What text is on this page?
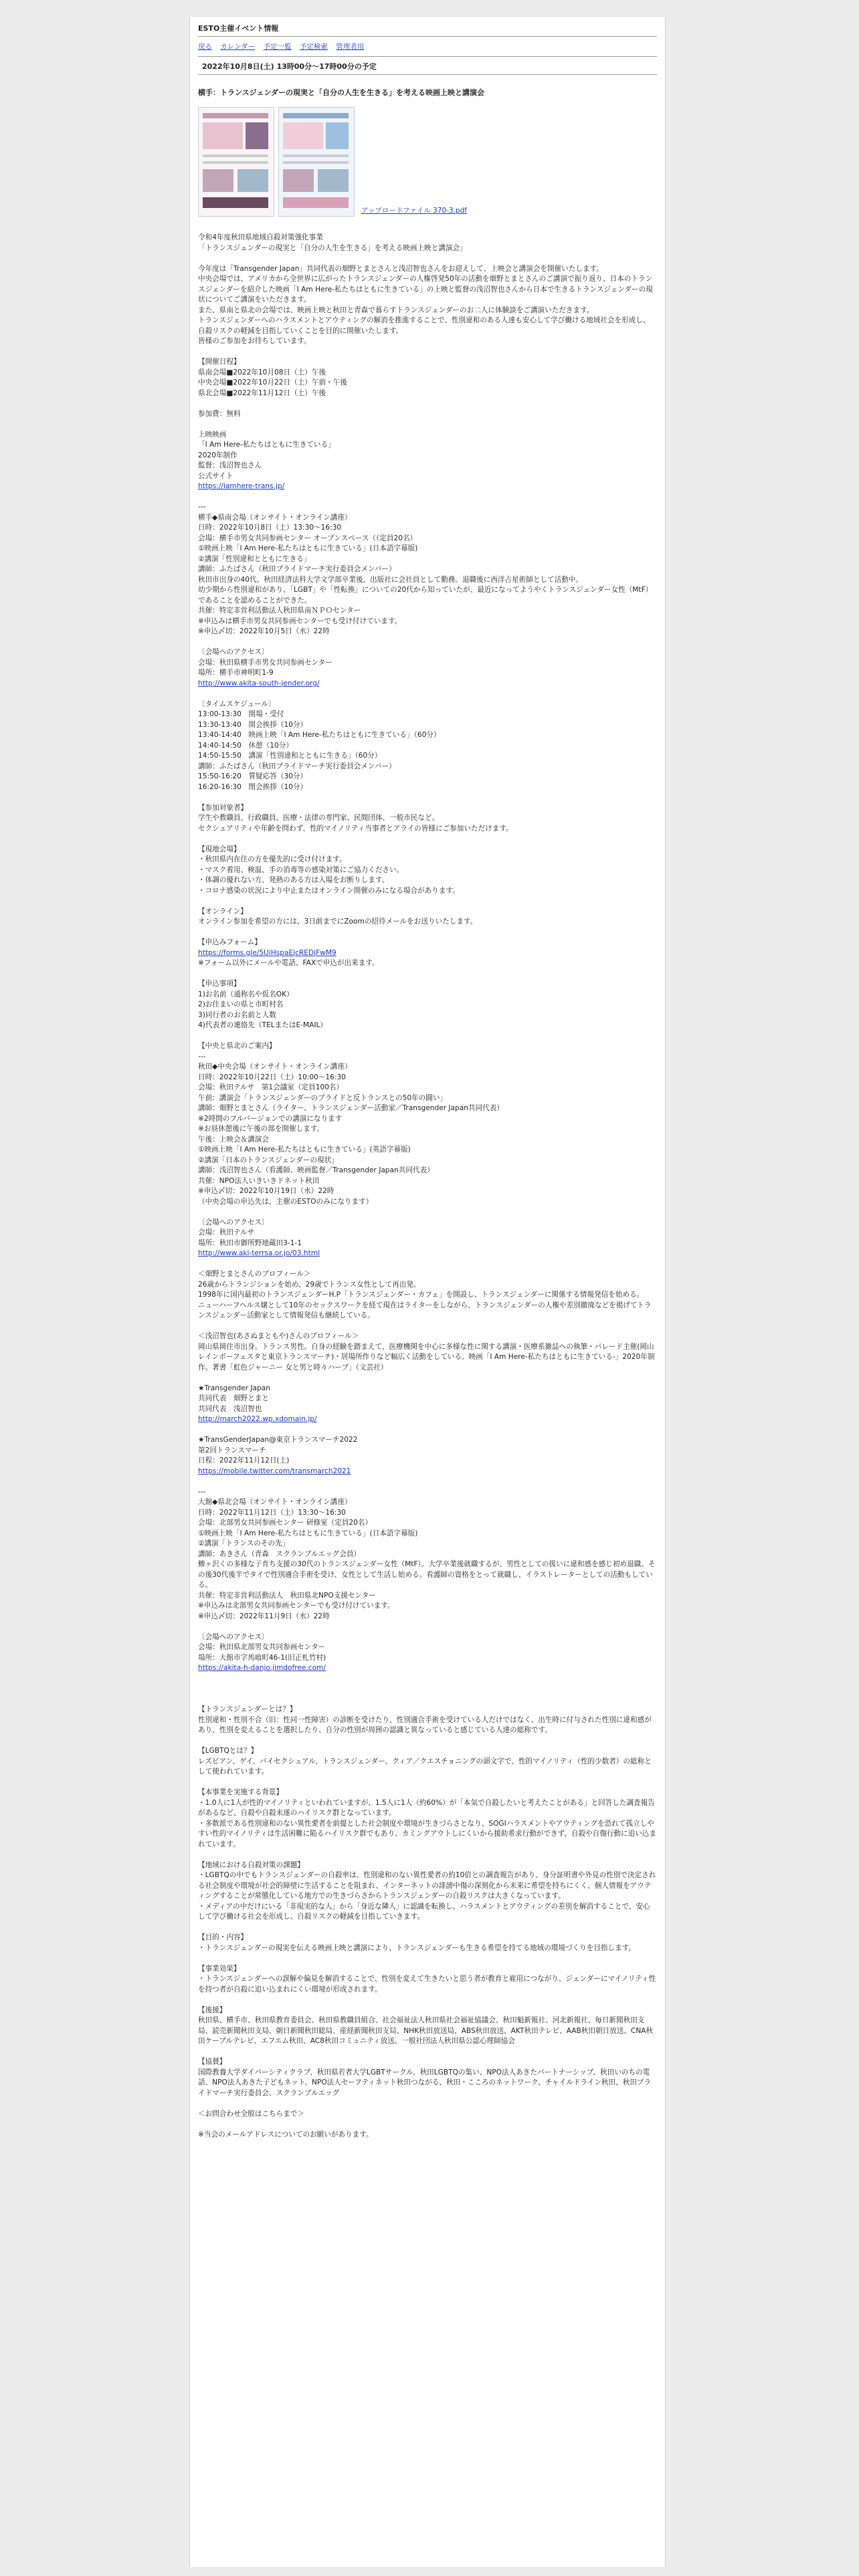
ESTO主催イベント情報
戻る カレンダー 予定一覧 予定検索 管理者用
2022年10月8日(土) 13時00分～17時00分の予定
横手：トランスジェンダーの現実と「自分の人生を生きる」を考える映画上映と講演会
アップロードファイル 370-3.pdf
令和4年度秋田県地域自殺対策強化事業
「トランスジェンダーの現実と「自分の人生を生きる」を考える映画上映と講演会」
今年度は「Transgender Japan」共同代表の畑野とまとさんと浅沼智也さんをお迎えして、上映会と講演会を開催いたします。
中央会場では、アメリカから全世界に広がったトランスジェンダーの人権啓発50年の活動を畑野とまとさんのご講演で振り返り、日本のトランスジェンダーを紹介した映画「I Am Here-私たちはともに生きている」の上映と監督の浅沼智也さんから日本で生きるトランスジェンダーの現状についてご講演をいただきます。
また、県南と県北の会場では、映画上映と秋田と青森で暮らすトランスジェンダーのお二人に体験談をご講演いただきます。
トランスジェンダーへのハラスメントとアウティングの解消を推進することで、性別違和のある人達も安心して学び働ける地域社会を形成し、自殺リスクの軽減を目指していくことを目的に開催いたします。
皆様のご参加をお待ちしています。
【開催日程】
県南会場■2022年10月08日（土）午後
中央会場■2022年10月22日（土）午前・午後
県北会場■2022年11月12日（土）午後
参加費：無料
上映映画
「I Am Here-私たちはともに生きている」
2020年制作
監督：浅沼智也さん
公式サイト
https://iamhere-trans.jp/
---
横手◆県南会場（オンサイト・オンライン講座）
日時：2022年10月8日（土）13:30～16:30
会場：横手市男女共同参画センター オープンスペース（（定員20名）
①映画上映「I Am Here-私たちはともに生きている」(日本語字幕版)
②講演「性別違和とともに生きる」
講師：ふたばさん（秋田プライドマーチ実行委員会メンバー）
秋田市出身の40代。秋田経済法科大学文学部卒業後、出版社に会社員として勤務。退職後に西洋占星術師として活動中。
幼少期から性別違和があり、「LGBT」や「性転換」についての20代から知っていたが、最近になってようやくトランスジェンダー女性（MtF）であることを認めることができた。
共催：特定非営利活動法人秋田県南ＮＰＯセンター
※申込みは横手市男女共同参画センターでも受け付けています。
※申込〆切：2022年10月5日（水）22時
〔会場へのアクセス〕
会場：秋田県横手市男女共同参画センター
場所：横手市神明町1-9
http://www.akita-south-jender.org/
〔タイムスケジュール〕
13:00-13:30　開場・受付
13:30-13:40　開会挨拶（10分）
13:40-14:40　映画上映「I Am Here-私たちはともに生きている」（60分）
14:40-14:50　休憩（10分）
14:50-15:50　講演「性別違和とともに生きる」（60分）
講師：ふたばさん（秋田プライドマーチ実行委員会メンバー）
15:50-16:20　質疑応答（30分）
16:20-16:30　閉会挨拶（10分）
【参加対象者】
学生や教職員、行政職員、医療・法律の専門家、民間団体、一般市民など。
セクシュアリティや年齢を問わず、性的マイノリティ当事者とアライの皆様にご参加いただけます。
【現地会場】
・秋田県内在住の方を優先的に受け付けます。
・マスク着用、検温、手の消毒等の感染対策にご協力ください。
・体調の優れない方、発熱のある方は入場をお断りします。
・コロナ感染の状況により中止またはオンライン開催のみになる場合があります。
【オンライン】
オンライン参加を希望の方には、3日前までにZoomの招待メールをお送りいたします。
【申込みフォーム】
https://forms.gle/5UiHspaEjcREDjFwM9
※フォーム以外にメールや電話、FAXで申込が出来ます。
【申込事項】
1)お名前（通称名や仮名OK）
2)お住まいの県と市町村名
3)同行者のお名前と人数
4)代表者の連絡先（TELまたはE-MAIL）
【中央と県北のご案内】
---
秋田◆中央会場（オンサイト・オンライン講座）
日時：2022年10月22日（土）10:00～16:30
会場：秋田テルサ　第1会議室（定員100名）
午前：講演会「トランスジェンダーのプライドと反トランスとの50年の闘い」
講師：畑野とまとさん（ライター、トランスジェンダー活動家／Transgender Japan共同代表）
※2時間のフルバージョンでの講演になります
※お昼休憩後に午後の部を開催します。
午後：上映会＆講演会
①映画上映「I Am Here-私たちはともに生きている」(英語字幕版)
②講演「日本のトランスジェンダーの現状」
講師：浅沼智也さん（看護師、映画監督／Transgender Japan共同代表）
共催：NPO法人いきいきドネット秋田
※申込〆切：2022年10月19日（水）22時
（中央会場の申込先は、主催のESTOのみになります）
〔会場へのアクセス〕
会場：秋田テルサ
場所：秋田市御所野地蔵田3-1-1
http://www.aki-terrsa.or.jo/03.html
＜畑野とまとさんのプロフィール＞
26歳からトランジションを始め、29歳でトランス女性として再出発。
1998年に国内最初のトランスジェンダーH.P「トランスジェンダー・カフェ」を開設し、トランスジェンダーに関係する情報発信を始める。
ニューハーフヘルス嬢として10年のセックスワークを経て現在はライターをしながら、トランスジェンダーの人権や差別撤廃などを掲げてトランスジェンダー活動家として情報発信も継続している。
＜浅沼智也(あさぬまともや)さんのプロフィール＞
岡山県岡住市出身。トランス男性。自身の経験を踏まえて、医療機関を中心に多様な性に関する講演・医療系雑誌への執筆・パレード主催(岡山レインボーフェスタと東京トランスマーチ)・居場所作りなど幅広く活動をしている。映画「I Am Here-私たちはともに生きている-」2020年制作。著書「虹色ジャーニー 女と男と時々ハーブ」（文芸社）
★Transgender Japan
共同代表　畑野とまと
共同代表　浅沼智也
http://march2022.wp.xdomain.jp/
★TransGenderJapan@東京トランスマーチ2022
第2回トランスマーチ
日程：2022年11月12日(土)
https://mobile.twitter.com/transmarch2021
---
大館◆県北会場（オンサイト・オンライン講座）
日時：2022年11月12日（土）13:30～16:30
会場：北部男女共同参画センター 研修室（定員20名）
①映画上映「I Am Here-私たちはともに生きている」(日本語字幕版)
②講演「トランスのその先」
講師：あきさん（青森　スクランブルエッグ会員）
鯵ヶ沢くの多様な子育ち支援の30代のトランスジェンダー女性（MtF）。大学卒業後就職するが、男性としての扱いに違和感を感じ初め退職。その後30代後半でタイで性別適合手術を受け、女性として生活し始める。看護師の資格をとって就職し、イラストレーターとしての活動もしている。
共催：特定非営利活動法人　秋田県北NPO支援センター
※申込みは北部男女共同参画センターでも受け付けています。
※申込〆切：2022年11月9日（水）22時
〔会場へのアクセス〕
会場：秋田県北部男女共同参画センター
場所：大館市字馬喰町46-1(旧正札竹村)
https://akita-h-danjo.jimdofree.com/
【トランスジェンダーとは？】
性別違和・性別不合（旧：性同一性障害）の診断を受けたり、性別適合手術を受けている人だけではなく、出生時に付与された性別に違和感があり、性別を変えることを選択したり、自分の性別が周囲の認識と異なっていると感じている人達の総称です。
【LGBTQとは？】
レズビアン、ゲイ、バイセクシュアル、トランスジェンダー、クィア／クエスチョニングの頭文字で、性的マイノリティ（性的少数者）の総称として使われています。
【本事業を実施する背景】
・1.0人に1人が性的マイノリティといわれていますが、1.5人に1人（約60%）が「本気で自殺したいと考えたことがある」と回答した調査報告があるなど、自殺や自殺未遂のハイリスク群となっています。
・多数派である性別違和のない異性愛者を前提とした社会制度や環境が生きづらさとなり、SOGIハラスメントやアウティングを恐れて孤立しやすい性的マイノリティは生活困難に陥るハイリスク群でもあり、カミングアウトしにくいから援助希求行動ができず、自殺や自傷行動に追い込まれています。
【地域における自殺対策の課題】
・LGBTQの中でもトランスジェンダーの自殺率は、性別違和のない異性愛者の約10倍との調査報告があり、身分証明書や外見の性別で決定される社会制度や環境が社会的障壁に生活することを阻まれ、インターネットの誹謗中傷の深刻化から未来に希望を持ちにくく、個人情報をアウティングすることが常態化している地方での生きづらさからトランスジェンダーの自殺リスクは大きくなっています。
・メディアの中だけにいる「非現実的な人」から「身近な隣人」に認識を転換し、ハラスメントとアウティングの差別を解消することで、安心して学び働ける社会を形成し、自殺リスクの軽減を目指していきます。
【目的・内容】
・トランスジェンダーの現実を伝える映画上映と講演により、トランスジェンダーも生きる希望を持てる地域の環境づくりを目指します。
【事業効果】
・トランスジェンダーへの誤解や偏見を解消することで、性別を変えて生きたいと思う者が教育と雇用につながり、ジェンダーにマイノリティ性を持つ者が自殺に追い込まれにくい環境が形成されます。
【後援】
秋田県、横手市、秋田県教育委員会、秋田県教職員組合、社会福祉法人秋田県社会福祉協議会、秋田魁新報社、河北新報社、毎日新聞秋田支局、読売新聞秋田支局、朝日新聞秋田総局、産経新聞秋田支局、NHK秋田放送局、ABS秋田放送、AKT秋田テレビ、AAB秋田朝日放送、CNA秋田ケーブルテレビ、エフエム秋田、AC8秋田コミュニティ放送、一般社団法人秋田県公認心理師協会
【協賛】
国際教養大学ダイバーシティクラブ、秋田県若者大学LGBTサークル、秋田LGBTQの集い、NPO法人あきたパートナーシップ、秋田いのちの電話、NPO法人あきた子どもネット、NPO法人セーフティネット秋田つながる、秋田・こころのネットワーク、チャイルドライン秋田、秋田プライドマーチ実行委員会、スクランブルエッグ
＜お問合わせ全般はこちらまで＞
※当会のメールアドレスについてのお願いがあります。
